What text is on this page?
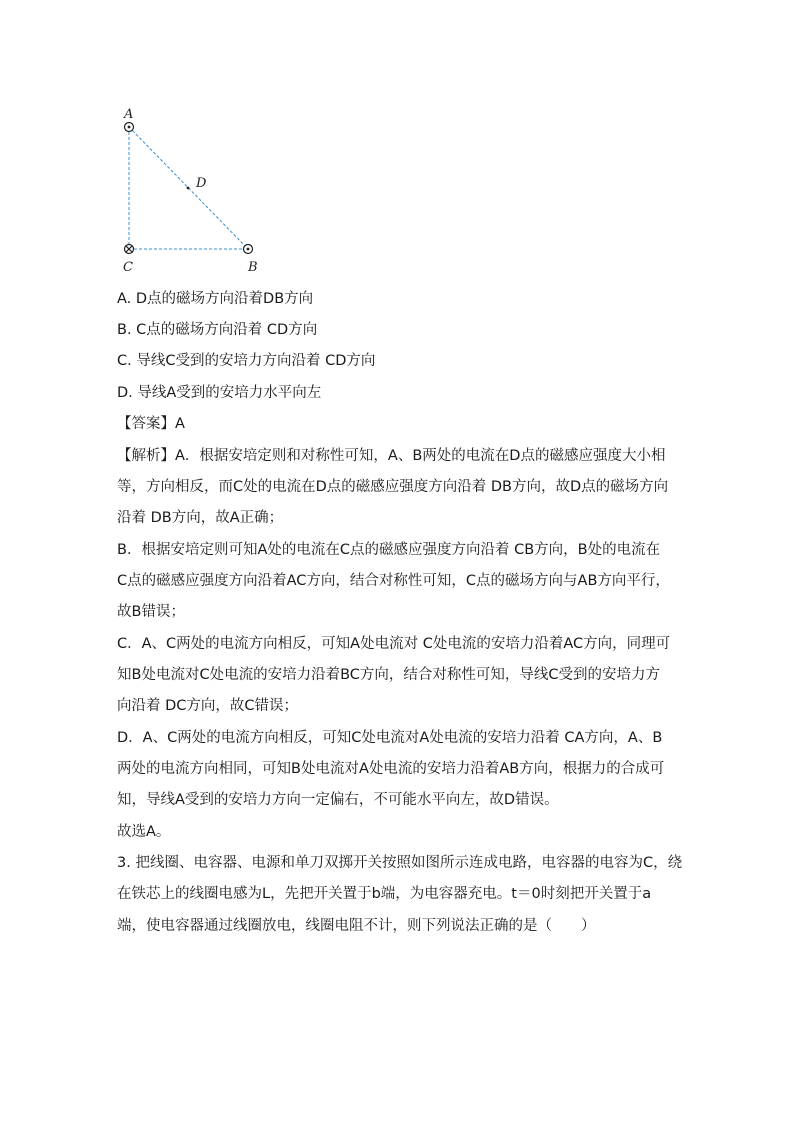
A
D
C	B
A. D点的磁场方向沿着DB方向
B. C点的磁场方向沿着 CD方向
C. 导线C受到的安培力方向沿着 CD方向
D. 导线A受到的安培力水平向左
【答案】A
【解析】A．根据安培定则和对称性可知，A、B两处的电流在D点的磁感应强度大小相
等，方向相反，而C处的电流在D点的磁感应强度方向沿着 DB方向，故D点的磁场方向
沿着 DB方向，故A正确；
B．根据安培定则可知A处的电流在C点的磁感应强度方向沿着 CB方向，B处的电流在
C点的磁感应强度方向沿着AC方向，结合对称性可知，C点的磁场方向与AB方向平行，
故B错误；
C．A、C两处的电流方向相反，可知A处电流对 C处电流的安培力沿着AC方向，同理可
知B处电流对C处电流的安培力沿着BC方向，结合对称性可知，导线C受到的安培力方
向沿着 DC方向，故C错误；
D．A、C两处的电流方向相反，可知C处电流对A处电流的安培力沿着 CA方向，A、B
两处的电流方向相同，可知B处电流对A处电流的安培力沿着AB方向，根据力的合成可
知，导线A受到的安培力方向一定偏右，不可能水平向左，故D错误。
故选A。
3. 把线圈、电容器、电源和单刀双掷开关按照如图所示连成电路，电容器的电容为C，绕
在铁芯上的线圈电感为L，先把开关置于b端，为电容器充电。t＝0时刻把开关置于a
端，使电容器通过线圈放电，线圈电阻不计，则下列说法正确的是（　　）
